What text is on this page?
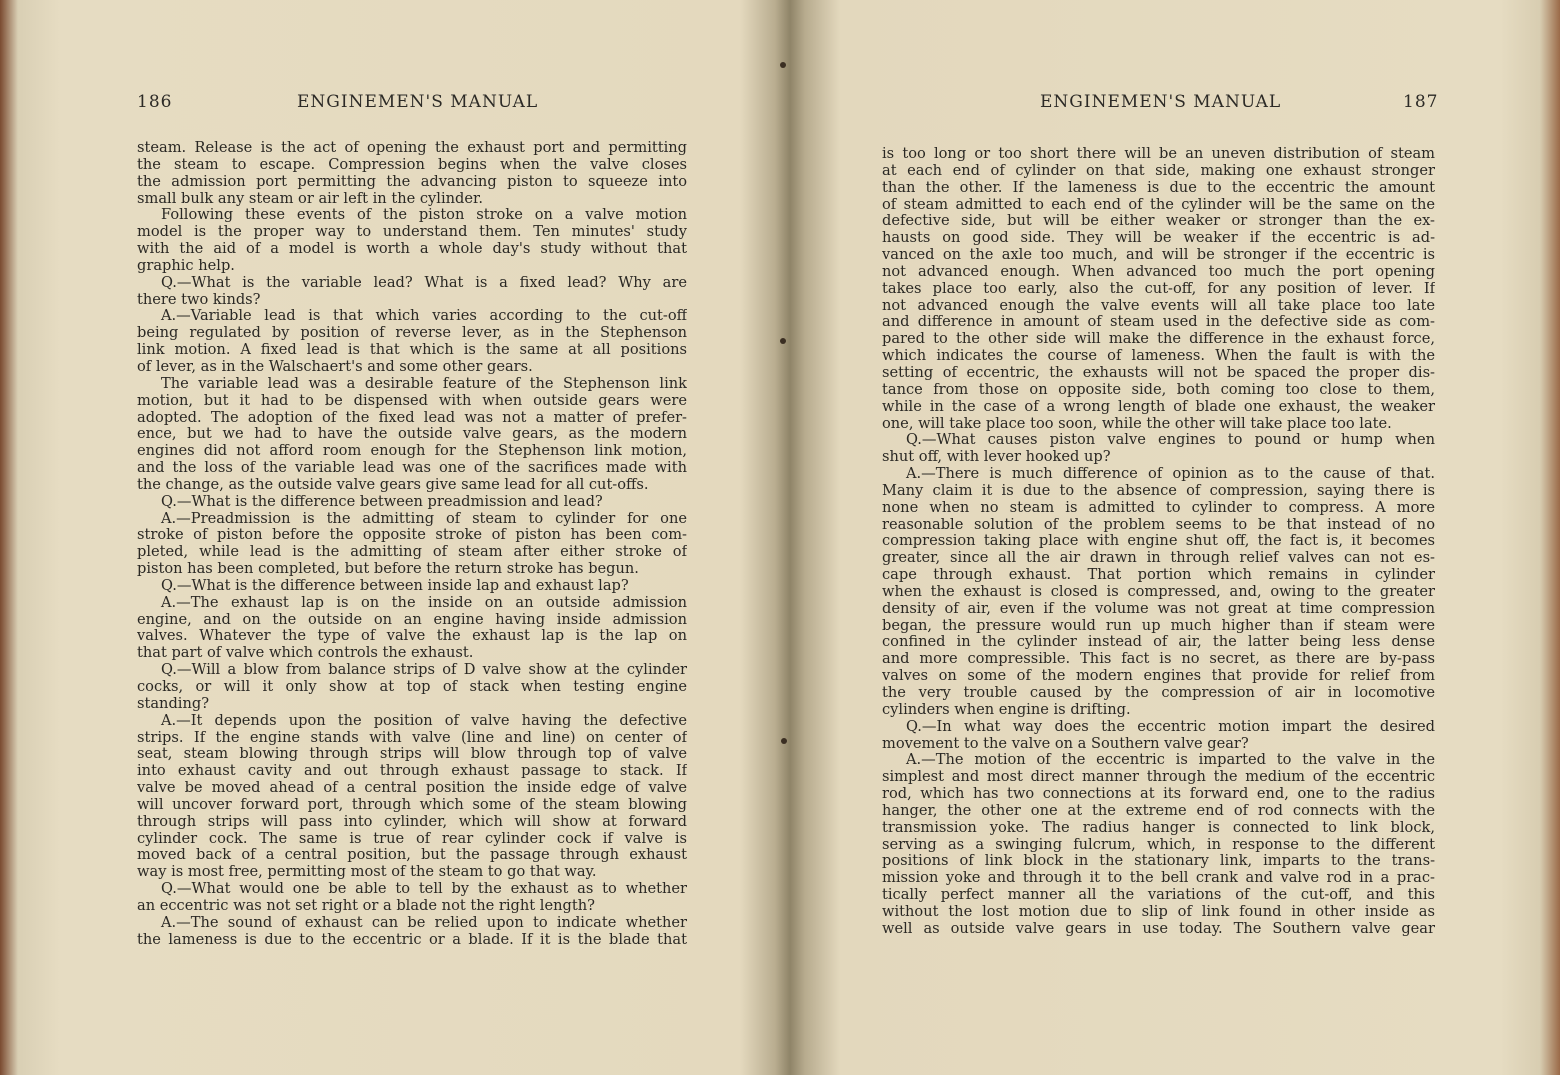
186	ENGINEMEN'S MANUAL
steam. Release is the act of opening the exhaust port and permitting
the steam to escape. Compression begins when the valve closes
the admission port permitting the advancing piston to squeeze into
small bulk any steam or air left in the cylinder.
Following these events of the piston stroke on a valve motion
model is the proper way to understand them. Ten minutes' study
with the aid of a model is worth a whole day's study without that
graphic help.
Q.—What is the variable lead? What is a fixed lead? Why are
there two kinds?
A.—Variable lead is that which varies according to the cut-off
being regulated by position of reverse lever, as in the Stephenson
link motion. A fixed lead is that which is the same at all positions
of lever, as in the Walschaert's and some other gears.
The variable lead was a desirable feature of the Stephenson link
motion, but it had to be dispensed with when outside gears were
adopted. The adoption of the fixed lead was not a matter of prefer-
ence, but we had to have the outside valve gears, as the modern
engines did not afford room enough for the Stephenson link motion,
and the loss of the variable lead was one of the sacrifices made with
the change, as the outside valve gears give same lead for all cut-offs.
Q.—What is the difference between preadmission and lead?
A.—Preadmission is the admitting of steam to cylinder for one
stroke of piston before the opposite stroke of piston has been com-
pleted, while lead is the admitting of steam after either stroke of
piston has been completed, but before the return stroke has begun.
Q.—What is the difference between inside lap and exhaust lap?
A.—The exhaust lap is on the inside on an outside admission
engine, and on the outside on an engine having inside admission
valves. Whatever the type of valve the exhaust lap is the lap on
that part of valve which controls the exhaust.
Q.—Will a blow from balance strips of D valve show at the cylinder
cocks, or will it only show at top of stack when testing engine
standing?
A.—It depends upon the position of valve having the defective
strips. If the engine stands with valve (line and line) on center of
seat, steam blowing through strips will blow through top of valve
into exhaust cavity and out through exhaust passage to stack. If
valve be moved ahead of a central position the inside edge of valve
will uncover forward port, through which some of the steam blowing
through strips will pass into cylinder, which will show at forward
cylinder cock. The same is true of rear cylinder cock if valve is
moved back of a central position, but the passage through exhaust
way is most free, permitting most of the steam to go that way.
Q.—What would one be able to tell by the exhaust as to whether
an eccentric was not set right or a blade not the right length?
A.—The sound of exhaust can be relied upon to indicate whether
the lameness is due to the eccentric or a blade. If it is the blade that
ENGINEMEN'S MANUAL	187
is too long or too short there will be an uneven distribution of steam
at each end of cylinder on that side, making one exhaust stronger
than the other. If the lameness is due to the eccentric the amount
of steam admitted to each end of the cylinder will be the same on the
defective side, but will be either weaker or stronger than the ex-
hausts on good side. They will be weaker if the eccentric is ad-
vanced on the axle too much, and will be stronger if the eccentric is
not advanced enough. When advanced too much the port opening
takes place too early, also the cut-off, for any position of lever. If
not advanced enough the valve events will all take place too late
and difference in amount of steam used in the defective side as com-
pared to the other side will make the difference in the exhaust force,
which indicates the course of lameness. When the fault is with the
setting of eccentric, the exhausts will not be spaced the proper dis-
tance from those on opposite side, both coming too close to them,
while in the case of a wrong length of blade one exhaust, the weaker
one, will take place too soon, while the other will take place too late.
Q.—What causes piston valve engines to pound or hump when
shut off, with lever hooked up?
A.—There is much difference of opinion as to the cause of that.
Many claim it is due to the absence of compression, saying there is
none when no steam is admitted to cylinder to compress. A more
reasonable solution of the problem seems to be that instead of no
compression taking place with engine shut off, the fact is, it becomes
greater, since all the air drawn in through relief valves can not es-
cape through exhaust. That portion which remains in cylinder
when the exhaust is closed is compressed, and, owing to the greater
density of air, even if the volume was not great at time compression
began, the pressure would run up much higher than if steam were
confined in the cylinder instead of air, the latter being less dense
and more compressible. This fact is no secret, as there are by-pass
valves on some of the modern engines that provide for relief from
the very trouble caused by the compression of air in locomotive
cylinders when engine is drifting.
Q.—In what way does the eccentric motion impart the desired
movement to the valve on a Southern valve gear?
A.—The motion of the eccentric is imparted to the valve in the
simplest and most direct manner through the medium of the eccentric
rod, which has two connections at its forward end, one to the radius
hanger, the other one at the extreme end of rod connects with the
transmission yoke. The radius hanger is connected to link block,
serving as a swinging fulcrum, which, in response to the different
positions of link block in the stationary link, imparts to the trans-
mission yoke and through it to the bell crank and valve rod in a prac-
tically perfect manner all the variations of the cut-off, and this
without the lost motion due to slip of link found in other inside as
well as outside valve gears in use today. The Southern valve gear
